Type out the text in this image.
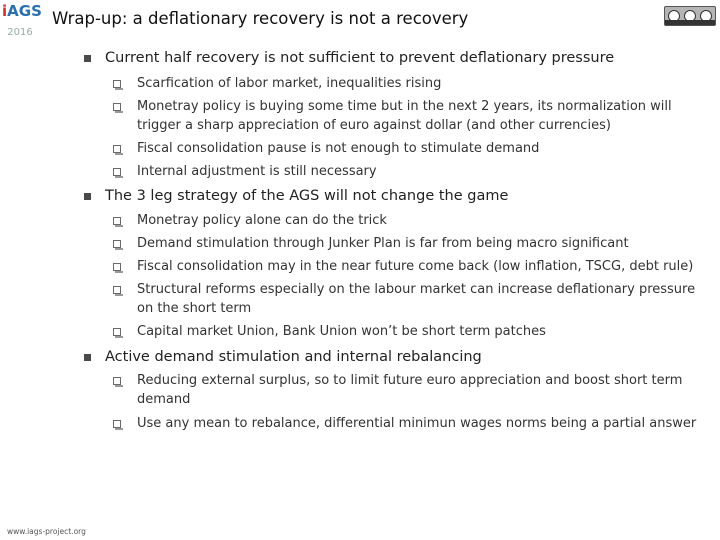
iAGS
2016
Wrap-up: a deflationary recovery is not a recovery
Current half recovery is not sufficient to prevent deflationary pressure
Scarfication of labor market, inequalities rising
Monetray policy is buying some time but in the next 2 years, its normalization will
trigger a sharp appreciation of euro against dollar (and other currencies)
Fiscal consolidation pause is not enough to stimulate demand
Internal adjustment is still necessary
The 3 leg strategy of the AGS will not change the game
Monetray policy alone can do the trick
Demand stimulation through Junker Plan is far from being macro significant
Fiscal consolidation may in the near future come back (low inflation, TSCG, debt rule)
Structural reforms especially on the labour market can increase deflationary pressure
on the short term
Capital market Union, Bank Union won’t be short term patches
Active demand stimulation and internal rebalancing
Reducing external surplus, so to limit future euro appreciation and boost short term
demand
Use any mean to rebalance, differential minimun wages norms being a partial answer
www.iags-project.org
